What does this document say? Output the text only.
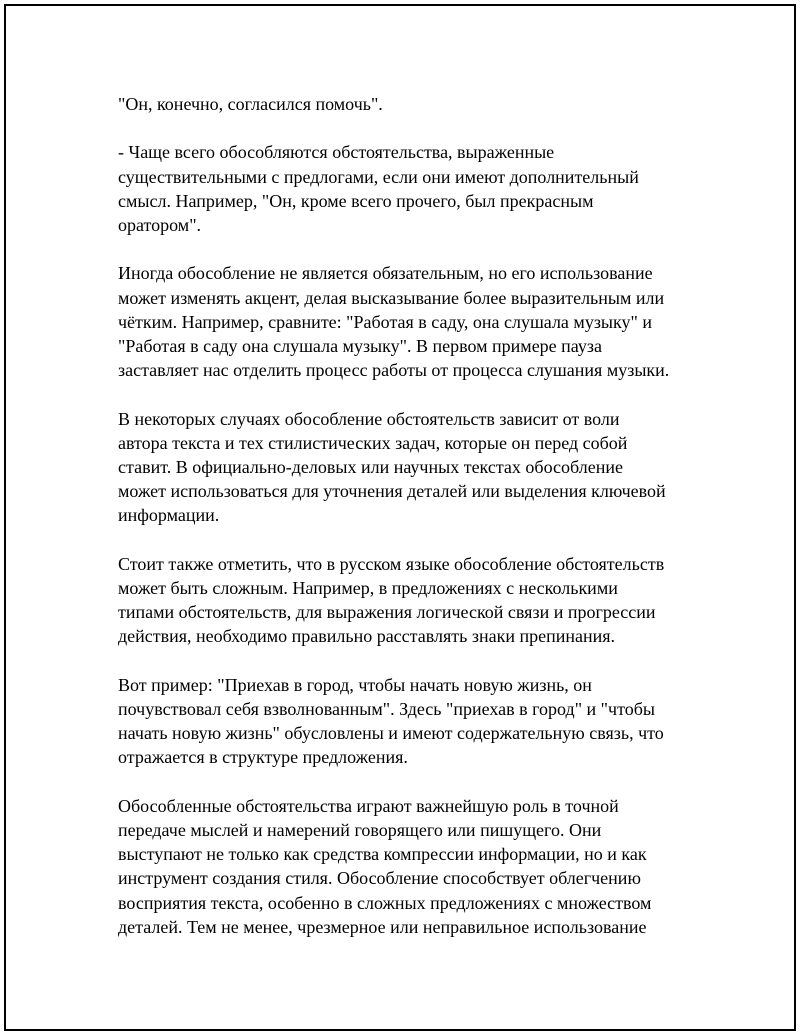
"Он, конечно, согласился помочь".

- Чаще всего обособляются обстоятельства, выраженные
существительными с предлогами, если они имеют дополнительный
смысл. Например, "Он, кроме всего прочего, был прекрасным
оратором".

Иногда обособление не является обязательным, но его использование
может изменять акцент, делая высказывание более выразительным или
чётким. Например, сравните: "Работая в саду, она слушала музыку" и
"Работая в саду она слушала музыку". В первом примере пауза
заставляет нас отделить процесс работы от процесса слушания музыки.

В некоторых случаях обособление обстоятельств зависит от воли
автора текста и тех стилистических задач, которые он перед собой
ставит. В официально-деловых или научных текстах обособление
может использоваться для уточнения деталей или выделения ключевой
информации.

Стоит также отметить, что в русском языке обособление обстоятельств
может быть сложным. Например, в предложениях с несколькими
типами обстоятельств, для выражения логической связи и прогрессии
действия, необходимо правильно расставлять знаки препинания.

Вот пример: "Приехав в город, чтобы начать новую жизнь, он
почувствовал себя взволнованным". Здесь "приехав в город" и "чтобы
начать новую жизнь" обусловлены и имеют содержательную связь, что
отражается в структуре предложения.

Обособленные обстоятельства играют важнейшую роль в точной
передаче мыслей и намерений говорящего или пишущего. Они
выступают не только как средства компрессии информации, но и как
инструмент создания стиля. Обособление способствует облегчению
восприятия текста, особенно в сложных предложениях с множеством
деталей. Тем не менее, чрезмерное или неправильное использование
